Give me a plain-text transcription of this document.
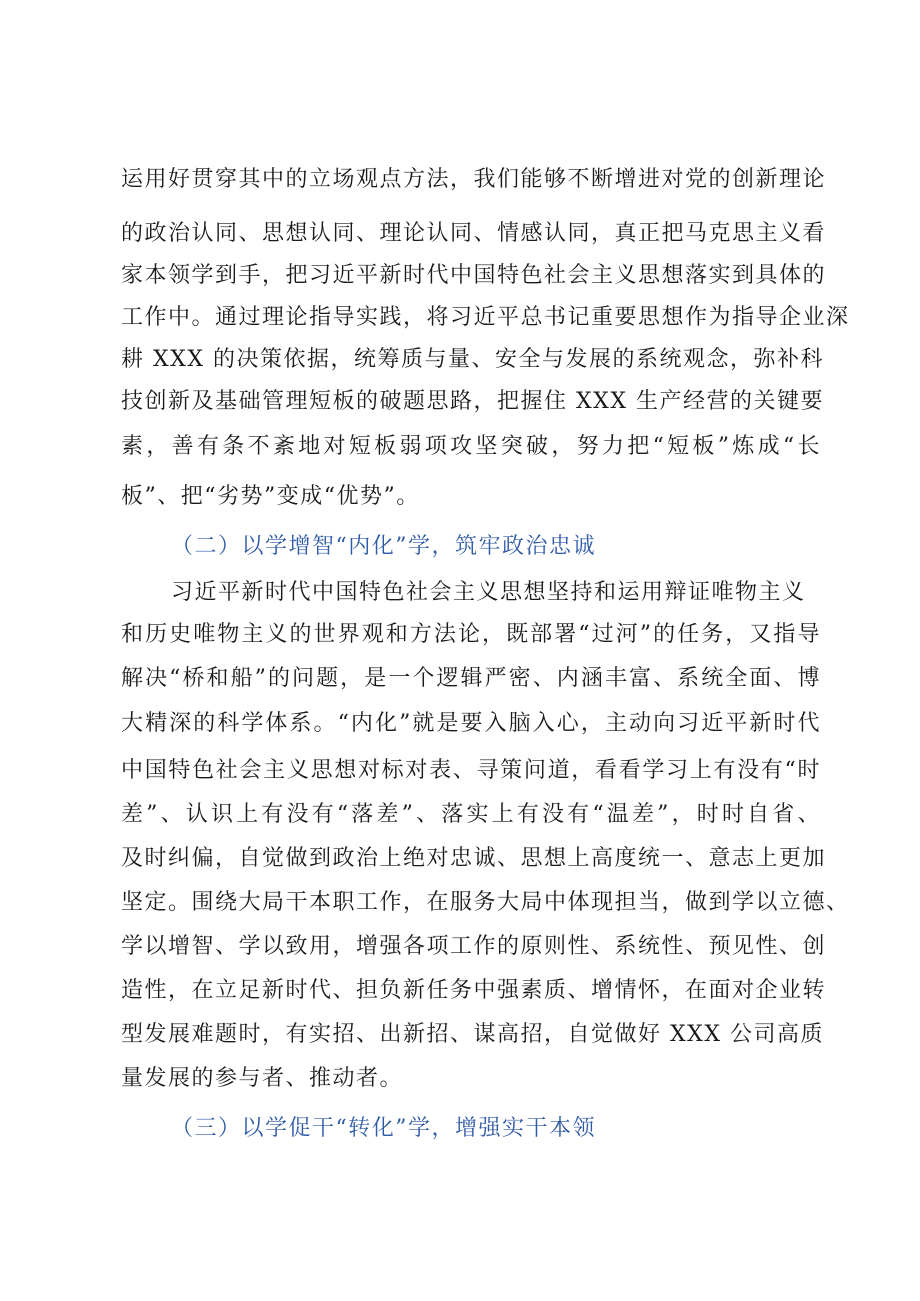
运用好贯穿其中的立场观点方法，我们能够不断增进对党的创新理论
的政治认同、思想认同、理论认同、情感认同，真正把马克思主义看
家本领学到手，把习近平新时代中国特色社会主义思想落实到具体的
工作中。通过理论指导实践，将习近平总书记重要思想作为指导企业深
耕 XXX 的决策依据，统筹质与量、安全与发展的系统观念，弥补科
技创新及基础管理短板的破题思路，把握住 XXX 生产经营的关键要
素，善有条不紊地对短板弱项攻坚突破，努力把“短板”炼成“长
板”、把“劣势”变成“优势”。
（二）以学增智“内化”学，筑牢政治忠诚
习近平新时代中国特色社会主义思想坚持和运用辩证唯物主义
和历史唯物主义的世界观和方法论，既部署“过河”的任务，又指导
解决“桥和船”的问题，是一个逻辑严密、内涵丰富、系统全面、博
大精深的科学体系。“内化”就是要入脑入心，主动向习近平新时代
中国特色社会主义思想对标对表、寻策问道，看看学习上有没有“时
差”、认识上有没有“落差”、落实上有没有“温差”，时时自省、
及时纠偏，自觉做到政治上绝对忠诚、思想上高度统一、意志上更加
坚定。围绕大局干本职工作，在服务大局中体现担当，做到学以立德、
学以增智、学以致用，增强各项工作的原则性、系统性、预见性、创
造性，在立足新时代、担负新任务中强素质、增情怀，在面对企业转
型发展难题时，有实招、出新招、谋高招，自觉做好 XXX 公司高质
量发展的参与者、推动者。
（三）以学促干“转化”学，增强实干本领
